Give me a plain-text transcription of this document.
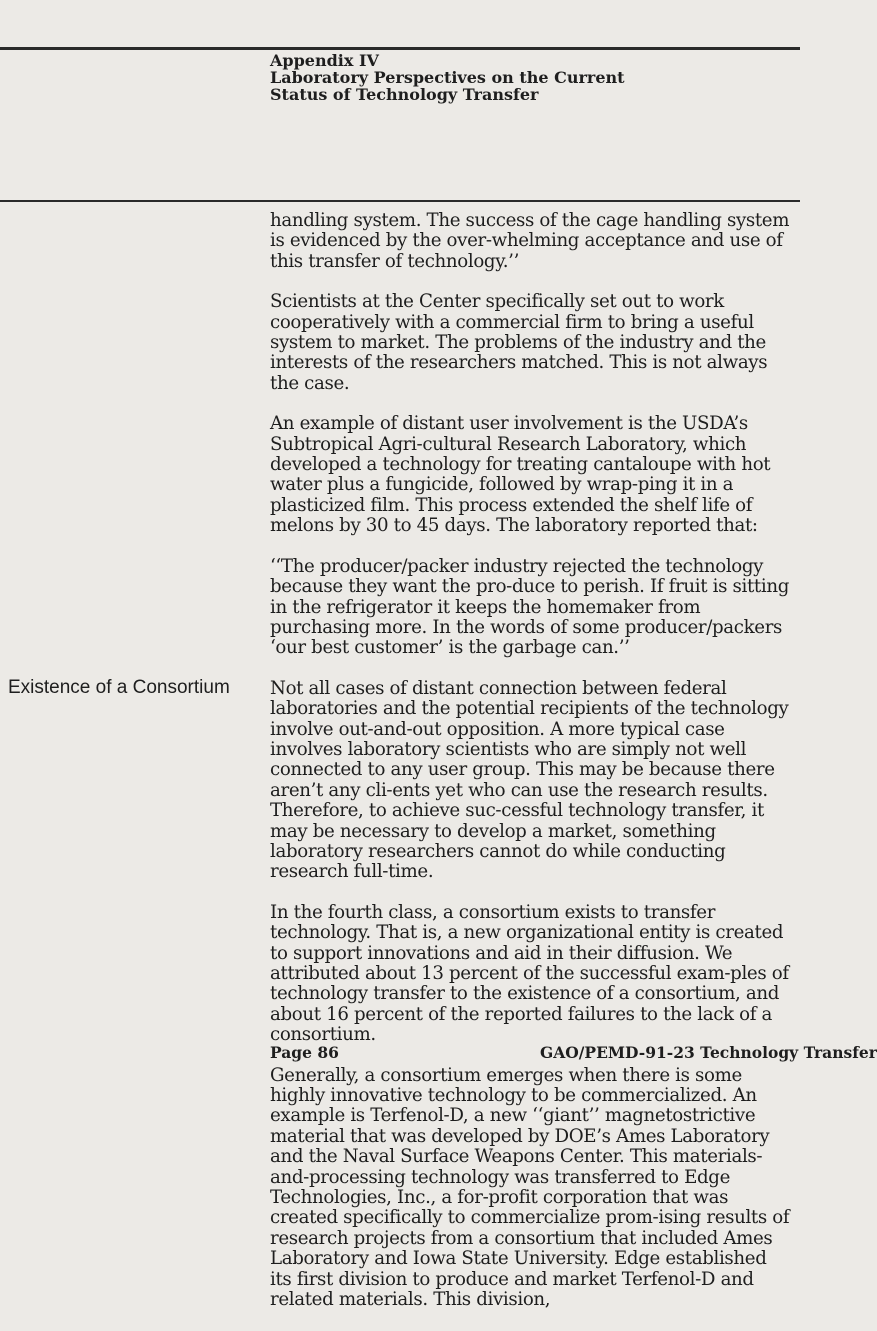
Appendix IV
Laboratory Perspectives on the Current
Status of Technology Transfer
Existence of a Consortium

handling system. The success of the cage handling system is evidenced by the over-whelming acceptance and use of this transfer of technology.’’

Scientists at the Center specifically set out to work cooperatively with a commercial firm to bring a useful system to market. The problems of the industry and the interests of the researchers matched. This is not always the case.

An example of distant user involvement is the USDA’s Subtropical Agri-cultural Research Laboratory, which developed a technology for treating cantaloupe with hot water plus a fungicide, followed by wrap-ping it in a plasticized film. This process extended the shelf life of melons by 30 to 45 days. The laboratory reported that:

‘‘The producer/packer industry rejected the technology because they want the pro-duce to perish. If fruit is sitting in the refrigerator it keeps the homemaker from purchasing more. In the words of some producer/packers ‘our best customer’ is the garbage can.’’

Not all cases of distant connection between federal laboratories and the potential recipients of the technology involve out-and-out opposition. A more typical case involves laboratory scientists who are simply not well connected to any user group. This may be because there aren’t any cli-ents yet who can use the research results. Therefore, to achieve suc-cessful technology transfer, it may be necessary to develop a market, something laboratory researchers cannot do while conducting research full-time.

In the fourth class, a consortium exists to transfer technology. That is, a new organizational entity is created to support innovations and aid in their diffusion. We attributed about 13 percent of the successful exam-ples of technology transfer to the existence of a consortium, and about 16 percent of the reported failures to the lack of a consortium.

Generally, a consortium emerges when there is some highly innovative technology to be commercialized. An example is Terfenol-D, a new ‘‘giant’’ magnetostrictive material that was developed by DOE’s Ames Laboratory and the Naval Surface Weapons Center. This materials-and-processing technology was transferred to Edge Technologies, Inc., a for-profit corporation that was created specifically to commercialize prom-ising results of research projects from a consortium that included Ames Laboratory and Iowa State University. Edge established its first division to produce and market Terfenol-D and related materials. This division,

Page 86	GAO/PEMD-91-23 Technology Transfer
